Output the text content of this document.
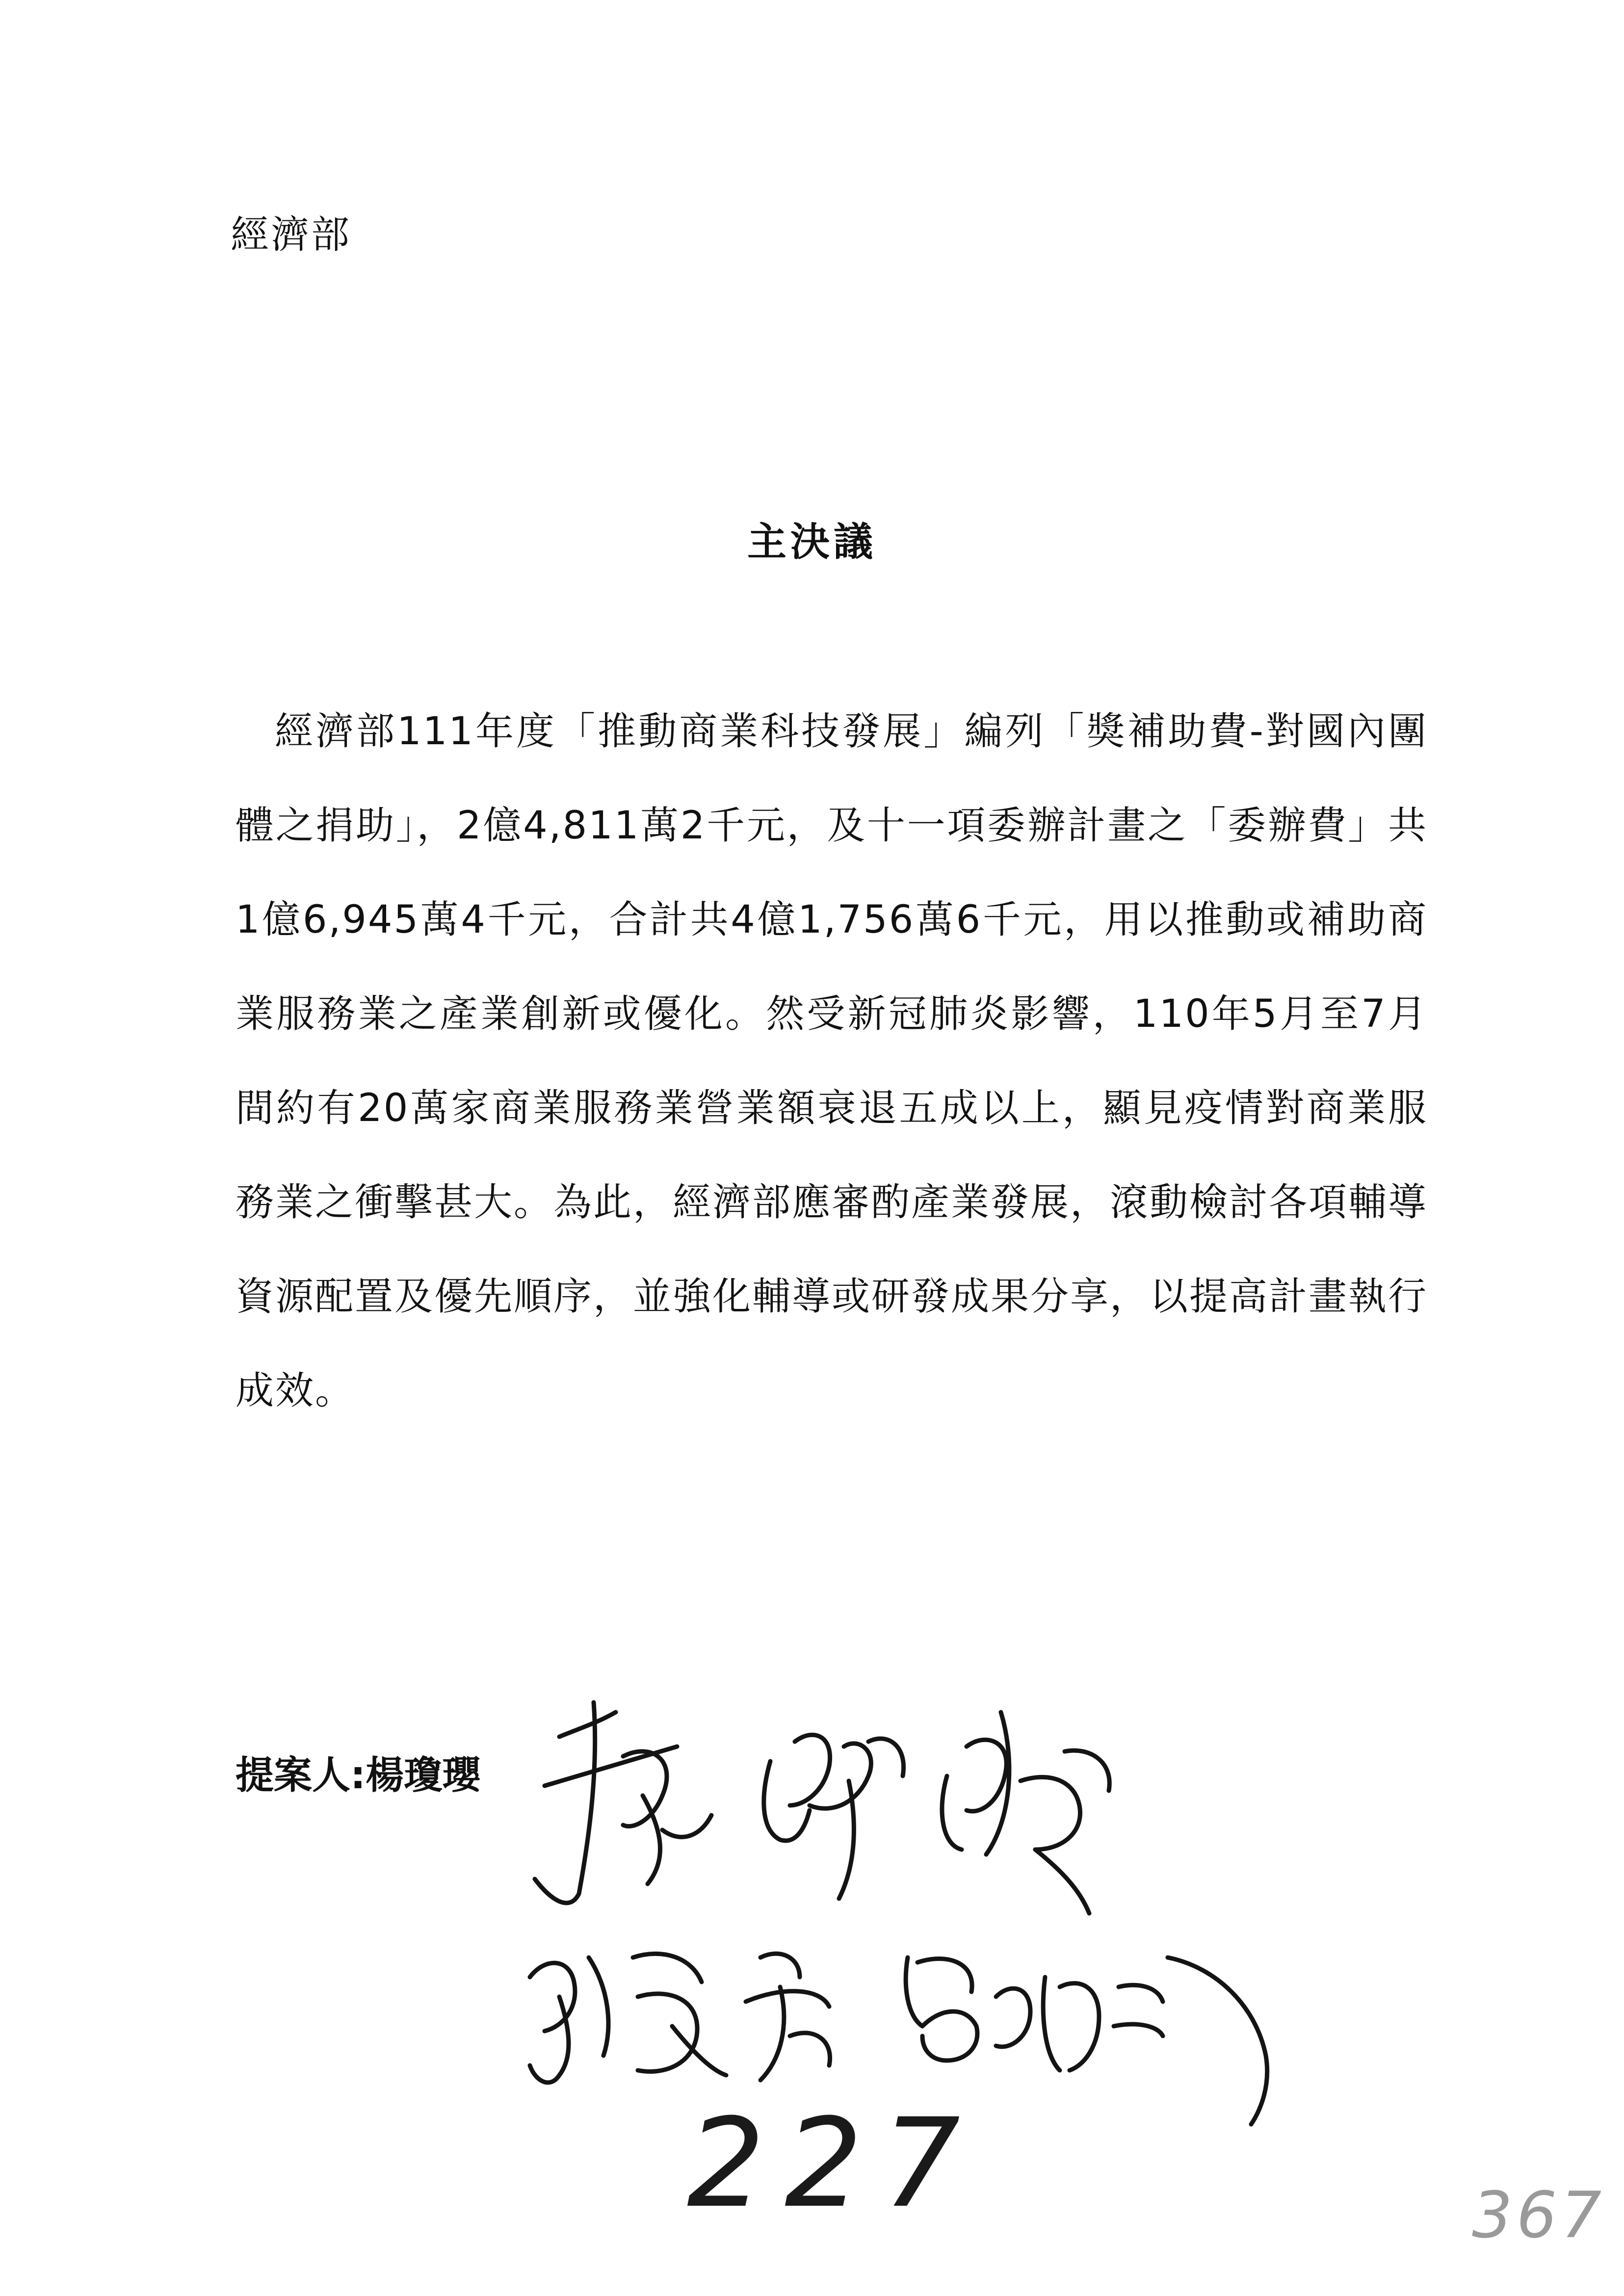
經濟部
主決議

經濟部111年度「推動商業科技發展」編列「獎補助費-對國內團體之捐助」，2億4,811萬2千元，及十一項委辦計畫之「委辦費」共1億6,945萬4千元，合計共4億1,756萬6千元，用以推動或補助商業服務業之產業創新或優化。然受新冠肺炎影響，110年5月至7月間約有20萬家商業服務業營業額衰退五成以上，顯見疫情對商業服務業之衝擊甚大。為此，經濟部應審酌產業發展，滾動檢討各項輔導資源配置及優先順序，並強化輔導或研發成果分享，以提高計畫執行成效。

提案人:楊瓊瓔
227	367
